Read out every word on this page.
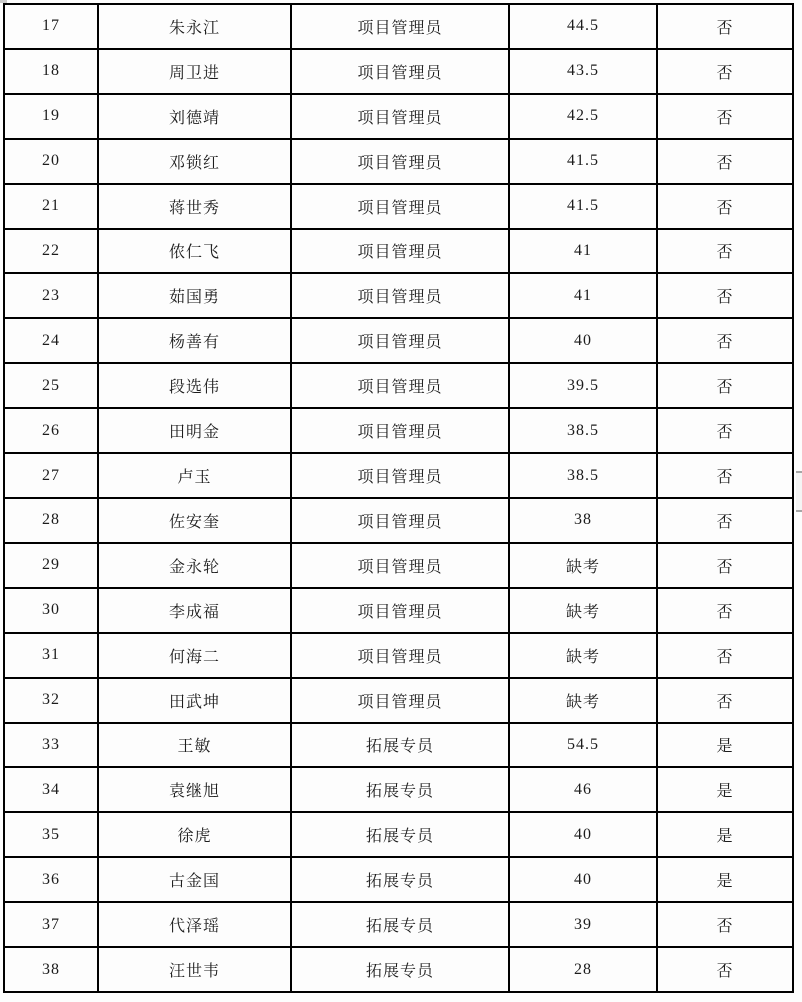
17	朱永江	项目管理员	44.5	否
18	周卫进	项目管理员	43.5	否
19	刘德靖	项目管理员	42.5	否
20	邓锁红	项目管理员	41.5	否
21	蒋世秀	项目管理员	41.5	否
22	侬仁飞	项目管理员	41	否
23	茹国勇	项目管理员	41	否
24	杨善有	项目管理员	40	否
25	段选伟	项目管理员	39.5	否
26	田明金	项目管理员	38.5	否
27	卢玉	项目管理员	38.5	否
28	佐安奎	项目管理员	38	否
29	金永轮	项目管理员	缺考	否
30	李成福	项目管理员	缺考	否
31	何海二	项目管理员	缺考	否
32	田武坤	项目管理员	缺考	否
33	王敏	拓展专员	54.5	是
34	袁继旭	拓展专员	46	是
35	徐虎	拓展专员	40	是
36	古金国	拓展专员	40	是
37	代泽瑶	拓展专员	39	否
38	汪世韦	拓展专员	28	否
